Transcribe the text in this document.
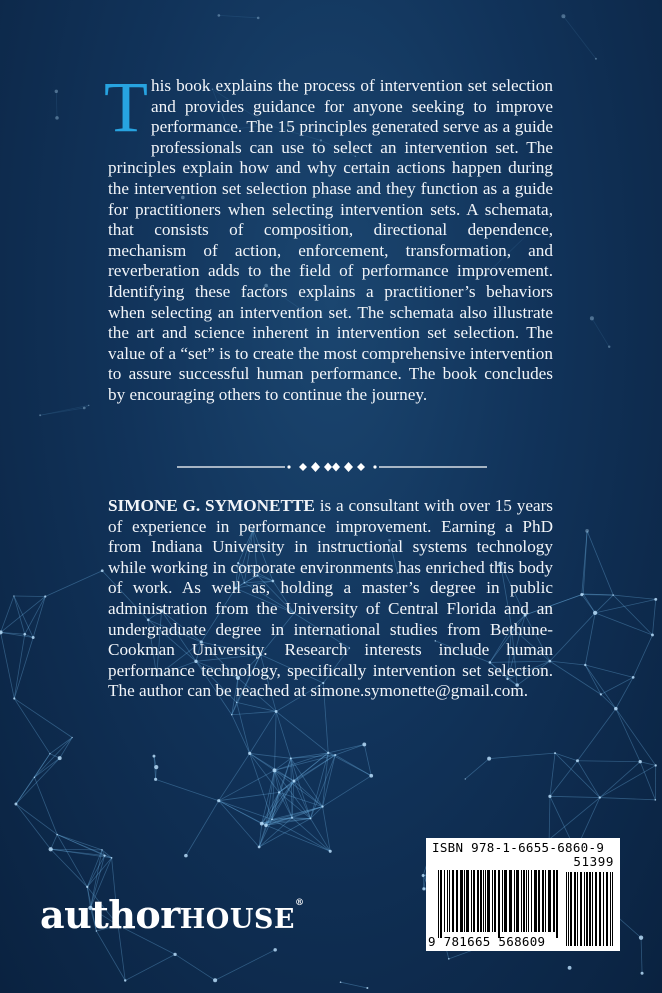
This book explains the process of intervention set selection and provides guidance for anyone seeking to improve performance. The 15 principles generated serve as a guide professionals can use to select an intervention set. The principles explain how and why certain actions happen during the intervention set selection phase and they function as a guide for practitioners when selecting intervention sets. A schemata, that consists of composition, directional dependence, mechanism of action, enforcement, transformation, and reverberation adds to the field of performance improvement. Identifying these factors explains a practitioner’s behaviors when selecting an intervention set. The schemata also illustrate the art and science inherent in intervention set selection. The value of a “set” is to create the most comprehensive intervention to assure successful human performance. The book concludes by encouraging others to continue the journey.

SIMONE G. SYMONETTE is a consultant with over 15 years of experience in performance improvement. Earning a PhD from Indiana University in instructional systems technology while working in corporate environments has enriched this body of work. As well as, holding a master’s degree in public administration from the University of Central Florida and an undergraduate degree in international studies from Bethune-Cookman University. Research interests include human performance technology, specifically intervention set selection. The author can be reached at simone.symonette@gmail.com.

authorHOUSE®
ISBN 978-1-6655-6860-9
51399
9 781665 568609
